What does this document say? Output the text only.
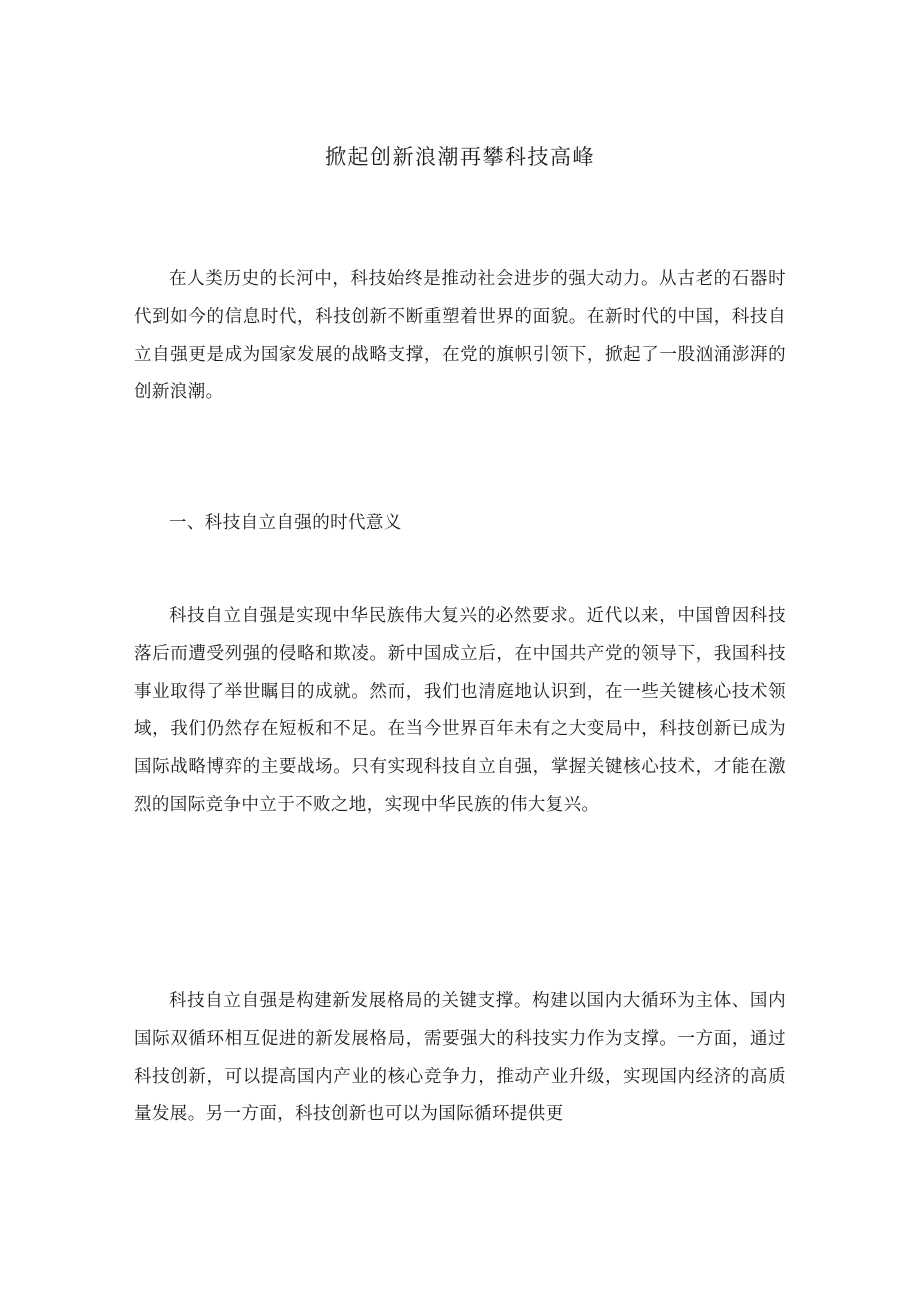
掀起创新浪潮再攀科技高峰

在人类历史的长河中，科技始终是推动社会进步的强大动力。从古老的石器时代到如今的信息时代，科技创新不断重塑着世界的面貌。在新时代的中国，科技自立自强更是成为国家发展的战略支撑，在党的旗帜引领下，掀起了一股汹涌澎湃的创新浪潮。

一、科技自立自强的时代意义

科技自立自强是实现中华民族伟大复兴的必然要求。近代以来，中国曾因科技落后而遭受列强的侵略和欺凌。新中国成立后，在中国共产党的领导下，我国科技事业取得了举世瞩目的成就。然而，我们也清庭地认识到，在一些关键核心技术领域，我们仍然存在短板和不足。在当今世界百年未有之大变局中，科技创新已成为国际战略博弈的主要战场。只有实现科技自立自强，掌握关键核心技术，才能在激烈的国际竞争中立于不败之地，实现中华民族的伟大复兴。

科技自立自强是构建新发展格局的关键支撑。构建以国内大循环为主体、国内国际双循环相互促进的新发展格局，需要强大的科技实力作为支撑。一方面，通过科技创新，可以提高国内产业的核心竞争力，推动产业升级，实现国内经济的高质量发展。另一方面，科技创新也可以为国际循环提供更
